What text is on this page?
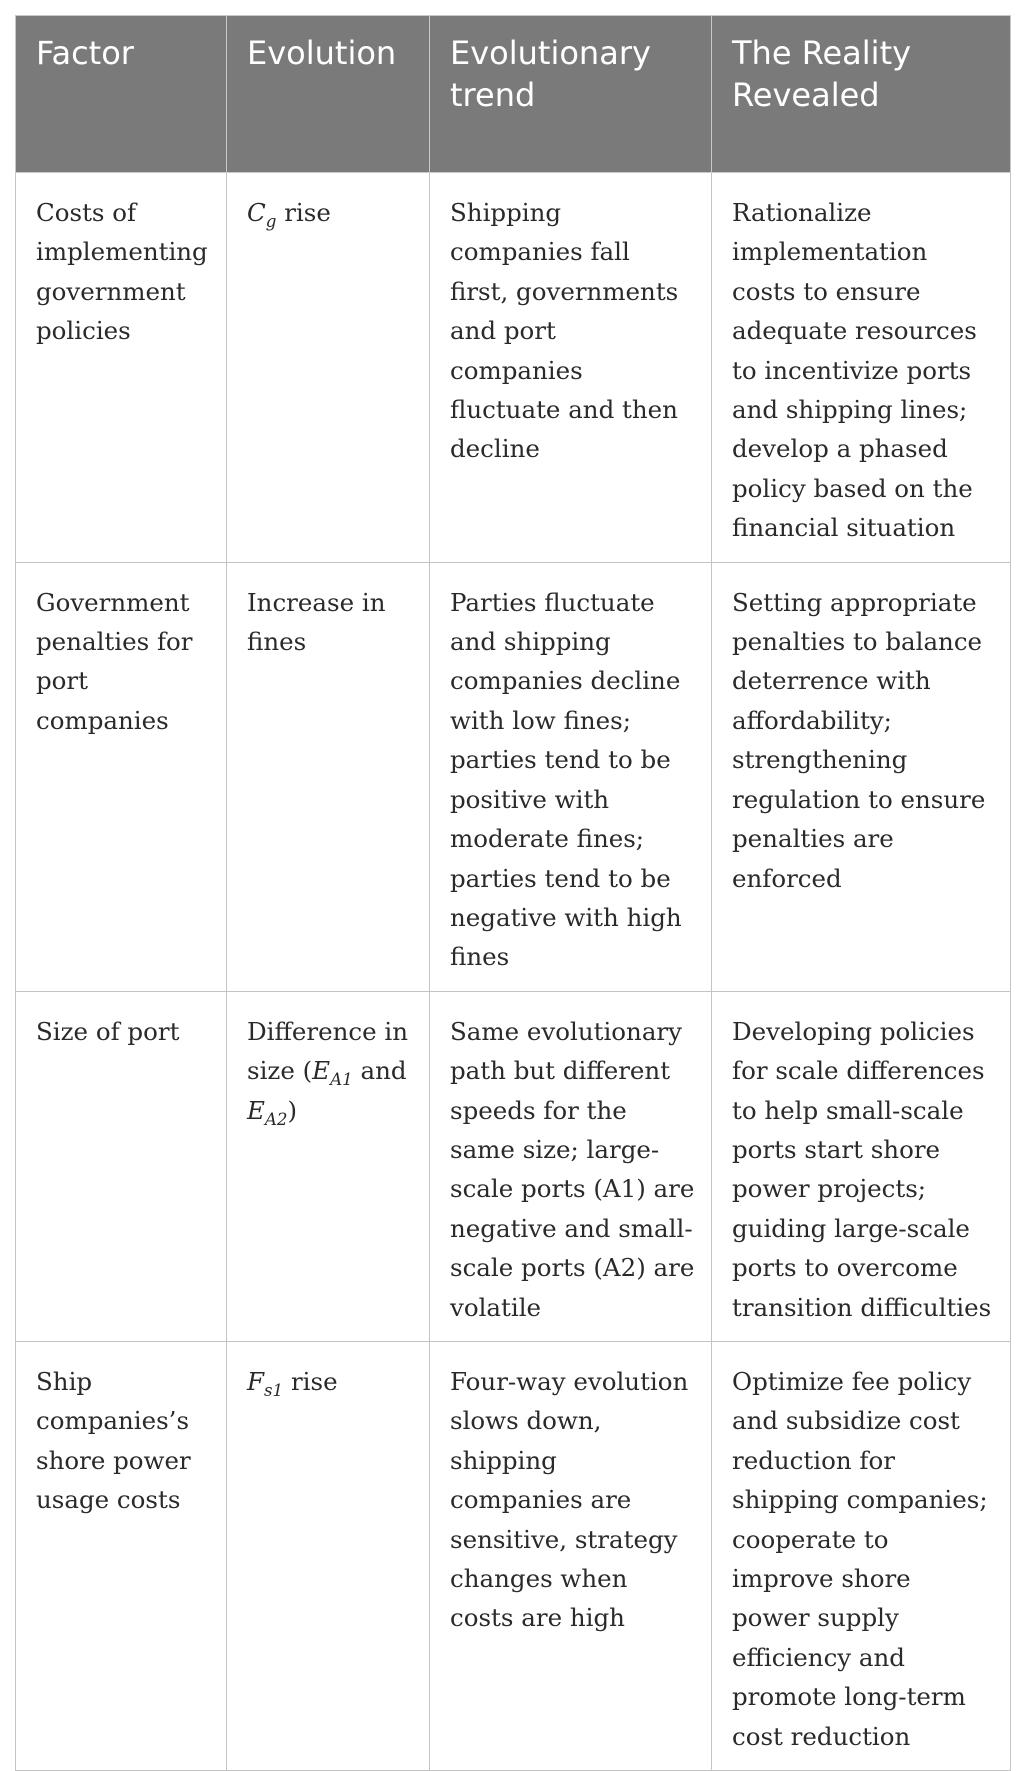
Factor	Evolution	Evolutionary trend	The Reality Revealed
Costs of implementing government policies	$C_g$ rise	Shipping companies fall first, governments and port companies fluctuate and then decline	Rationalize implementation costs to ensure adequate resources to incentivize ports and shipping lines; develop a phased policy based on the financial situation
Government penalties for port companies	Increase in fines	Parties fluctuate and shipping companies decline with low fines; parties tend to be positive with moderate fines; parties tend to be negative with high fines	Setting appropriate penalties to balance deterrence with affordability; strengthening regulation to ensure penalties are enforced
Size of port	Difference in size ($E_{A1}$ and $E_{A2}$)	Same evolutionary path but different speeds for the same size; large-scale ports (A1) are negative and small-scale ports (A2) are volatile	Developing policies for scale differences to help small-scale ports start shore power projects; guiding large-scale ports to overcome transition difficulties
Ship companies’s shore power usage costs	$F_{s1}$ rise	Four-way evolution slows down, shipping companies are sensitive, strategy changes when costs are high	Optimize fee policy and subsidize cost reduction for shipping companies; cooperate to improve shore power supply efficiency and promote long-term cost reduction
